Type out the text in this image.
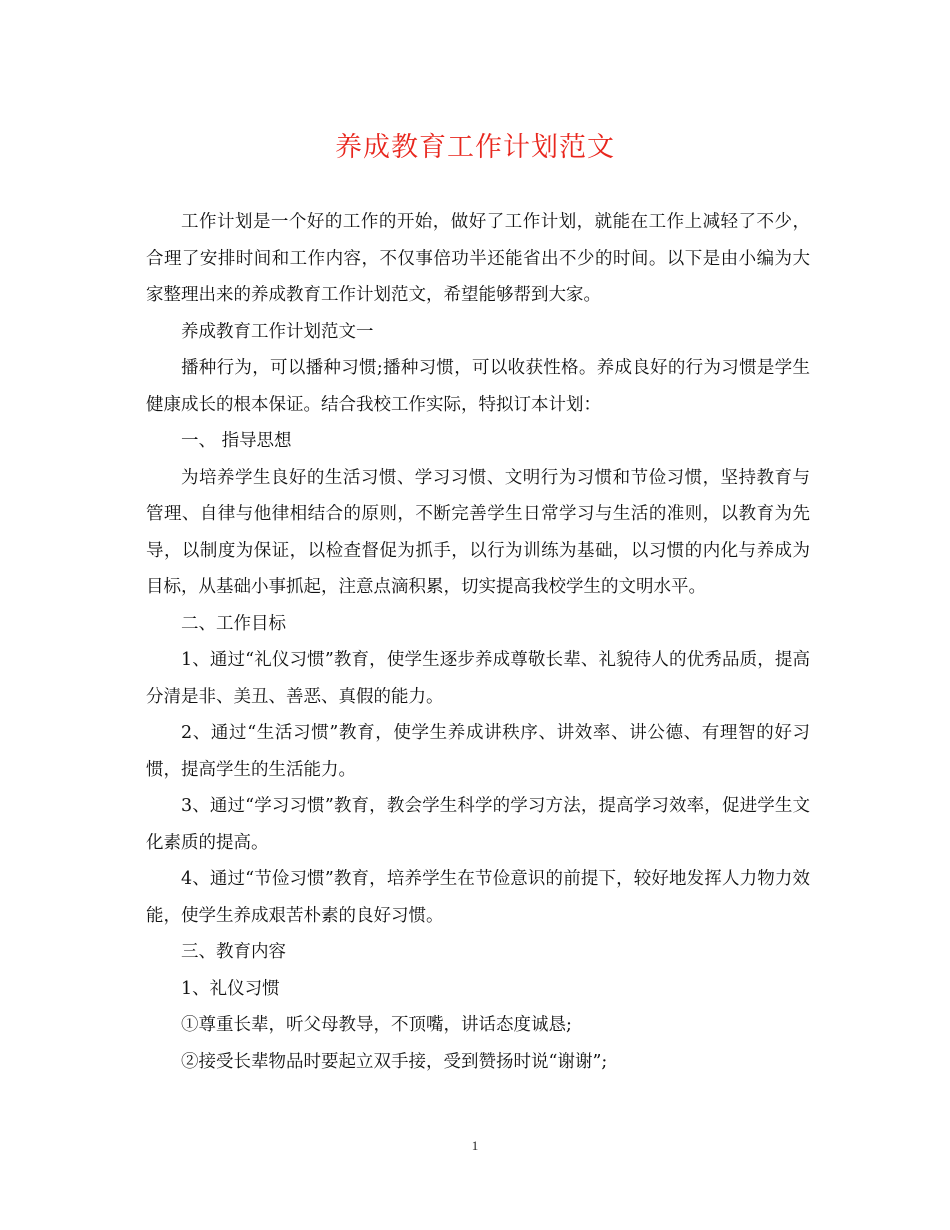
养成教育工作计划范文

工作计划是一个好的工作的开始，做好了工作计划，就能在工作上减轻了不少，合理了安排时间和工作内容，不仅事倍功半还能省出不少的时间。以下是由小编为大家整理出来的养成教育工作计划范文，希望能够帮到大家。

养成教育工作计划范文一

播种行为，可以播种习惯;播种习惯，可以收获性格。养成良好的行为习惯是学生健康成长的根本保证。结合我校工作实际，特拟订本计划：

一、 指导思想

为培养学生良好的生活习惯、学习习惯、文明行为习惯和节俭习惯，坚持教育与管理、自律与他律相结合的原则，不断完善学生日常学习与生活的准则，以教育为先导，以制度为保证，以检查督促为抓手，以行为训练为基础，以习惯的内化与养成为目标，从基础小事抓起，注意点滴积累，切实提高我校学生的文明水平。

二、工作目标

1、通过“礼仪习惯”教育，使学生逐步养成尊敬长辈、礼貌待人的优秀品质，提高分清是非、美丑、善恶、真假的能力。

2、通过“生活习惯”教育，使学生养成讲秩序、讲效率、讲公德、有理智的好习惯，提高学生的生活能力。

3、通过“学习习惯”教育，教会学生科学的学习方法，提高学习效率，促进学生文化素质的提高。

4、通过“节俭习惯”教育，培养学生在节俭意识的前提下，较好地发挥人力物力效能，使学生养成艰苦朴素的良好习惯。

三、教育内容

1、礼仪习惯

①尊重长辈，听父母教导，不顶嘴，讲话态度诚恳;

②接受长辈物品时要起立双手接，受到赞扬时说“谢谢”;

1
